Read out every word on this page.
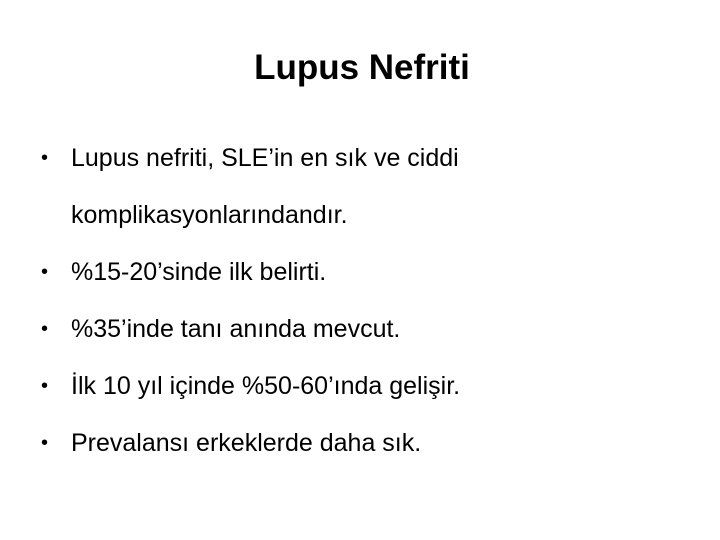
Lupus Nefriti
• Lupus nefriti, SLE’in en sık ve ciddi
komplikasyonlarındandır.
• %15-20’sinde ilk belirti.
• %35’inde tanı anında mevcut.
• İlk 10 yıl içinde %50-60’ında gelişir.
• Prevalansı erkeklerde daha sık.
